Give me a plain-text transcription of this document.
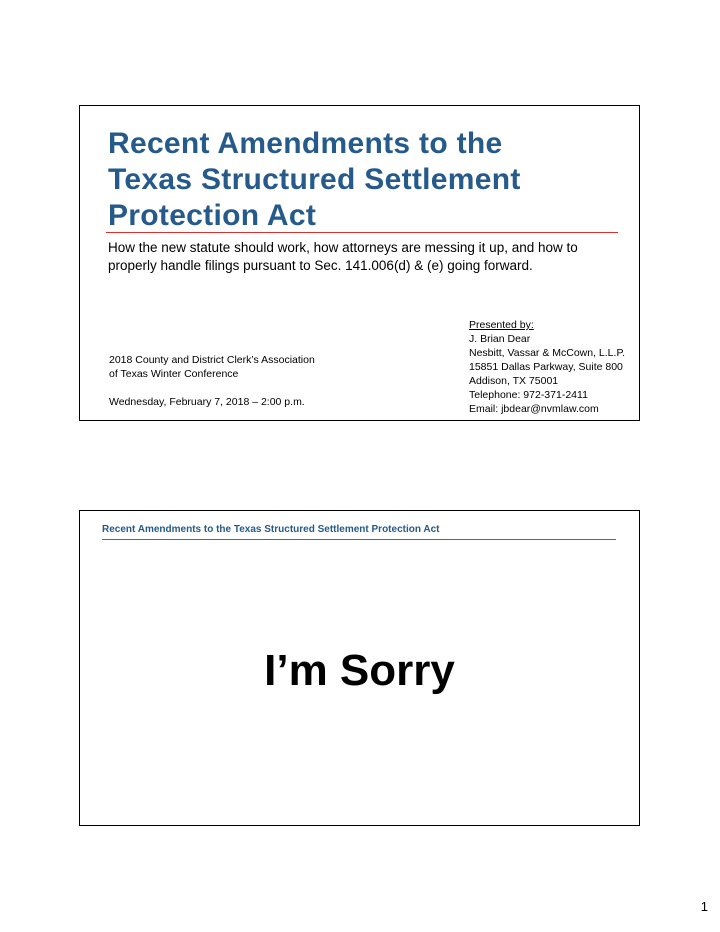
Recent Amendments to the
Texas Structured Settlement
Protection Act
How the new statute should work, how attorneys are messing it up, and how to
properly handle filings pursuant to Sec. 141.006(d) & (e) going forward.
2018 County and District Clerk’s Association
of Texas Winter Conference
Wednesday, February 7, 2018 – 2:00 p.m.
Presented by:
J. Brian Dear
Nesbitt, Vassar & McCown, L.L.P.
15851 Dallas Parkway, Suite 800
Addison, TX 75001
Telephone: 972-371-2411
Email: jbdear@nvmlaw.com
Recent Amendments to the Texas Structured Settlement Protection Act
I’m Sorry
1
